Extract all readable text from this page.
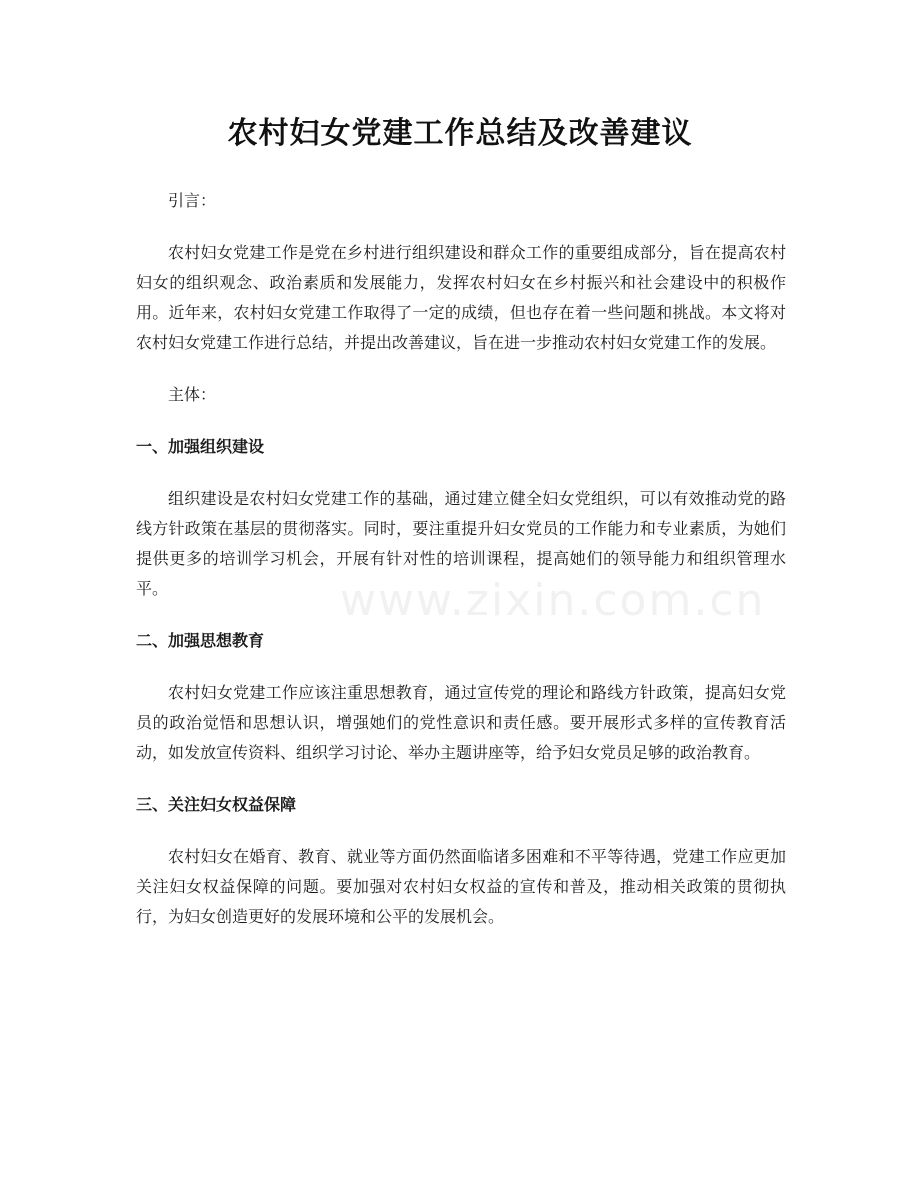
www.zixin.com.cn
农村妇女党建工作总结及改善建议

引言：

农村妇女党建工作是党在乡村进行组织建设和群众工作的重要组成部分，旨在提高农村妇女的组织观念、政治素质和发展能力，发挥农村妇女在乡村振兴和社会建设中的积极作用。近年来，农村妇女党建工作取得了一定的成绩，但也存在着一些问题和挑战。本文将对农村妇女党建工作进行总结，并提出改善建议，旨在进一步推动农村妇女党建工作的发展。

主体：

一、加强组织建设

组织建设是农村妇女党建工作的基础，通过建立健全妇女党组织，可以有效推动党的路线方针政策在基层的贯彻落实。同时，要注重提升妇女党员的工作能力和专业素质，为她们提供更多的培训学习机会，开展有针对性的培训课程，提高她们的领导能力和组织管理水平。

二、加强思想教育

农村妇女党建工作应该注重思想教育，通过宣传党的理论和路线方针政策，提高妇女党员的政治觉悟和思想认识，增强她们的党性意识和责任感。要开展形式多样的宣传教育活动，如发放宣传资料、组织学习讨论、举办主题讲座等，给予妇女党员足够的政治教育。

三、关注妇女权益保障

农村妇女在婚育、教育、就业等方面仍然面临诸多困难和不平等待遇，党建工作应更加关注妇女权益保障的问题。要加强对农村妇女权益的宣传和普及，推动相关政策的贯彻执行，为妇女创造更好的发展环境和公平的发展机会。
